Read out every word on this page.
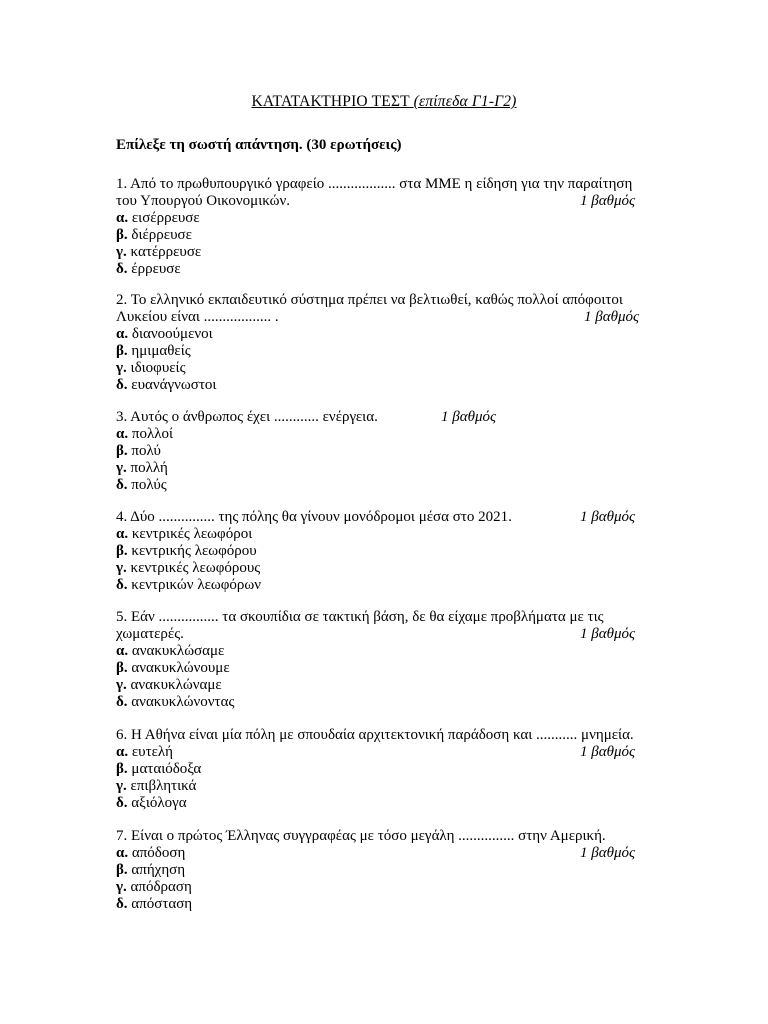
ΚΑΤΑΤΑΚΤΗΡΙΟ ΤΕΣΤ (επίπεδα Γ1-Γ2)
Επίλεξε τη σωστή απάντηση. (30 ερωτήσεις)
1. Από το πρωθυπουργικό γραφείο .................. στα ΜΜΕ η είδηση για την παραίτηση
του Υπουργού Οικονομικών.	1 βαθμός
α. εισέρρευσε
β. διέρρευσε
γ. κατέρρευσε
δ. έρρευσε
2. Το ελληνικό εκπαιδευτικό σύστημα πρέπει να βελτιωθεί, καθώς πολλοί απόφοιτοι
Λυκείου είναι .................. .	1 βαθμός
α. διανοούμενοι
β. ημιμαθείς
γ. ιδιοφυείς
δ. ευανάγνωστοι
3. Αυτός ο άνθρωπος έχει ............ ενέργεια.	1 βαθμός
α. πολλοί
β. πολύ
γ. πολλή
δ. πολύς
4. Δύο ............... της πόλης θα γίνουν μονόδρομοι μέσα στο 2021.	1 βαθμός
α. κεντρικές λεωφόροι
β. κεντρικής λεωφόρου
γ. κεντρικές λεωφόρους
δ. κεντρικών λεωφόρων
5. Εάν ................ τα σκουπίδια σε τακτική βάση, δε θα είχαμε προβλήματα με τις
χωματερές.	1 βαθμός
α. ανακυκλώσαμε
β. ανακυκλώνουμε
γ. ανακυκλώναμε
δ. ανακυκλώνοντας
6. Η Αθήνα είναι μία πόλη με σπουδαία αρχιτεκτονική παράδοση και ........... μνημεία.
α. ευτελή	1 βαθμός
β. ματαιόδοξα
γ. επιβλητικά
δ. αξιόλογα
7. Είναι ο πρώτος Έλληνας συγγραφέας με τόσο μεγάλη ............... στην Αμερική.
α. απόδοση	1 βαθμός
β. απήχηση
γ. απόδραση
δ. απόσταση
